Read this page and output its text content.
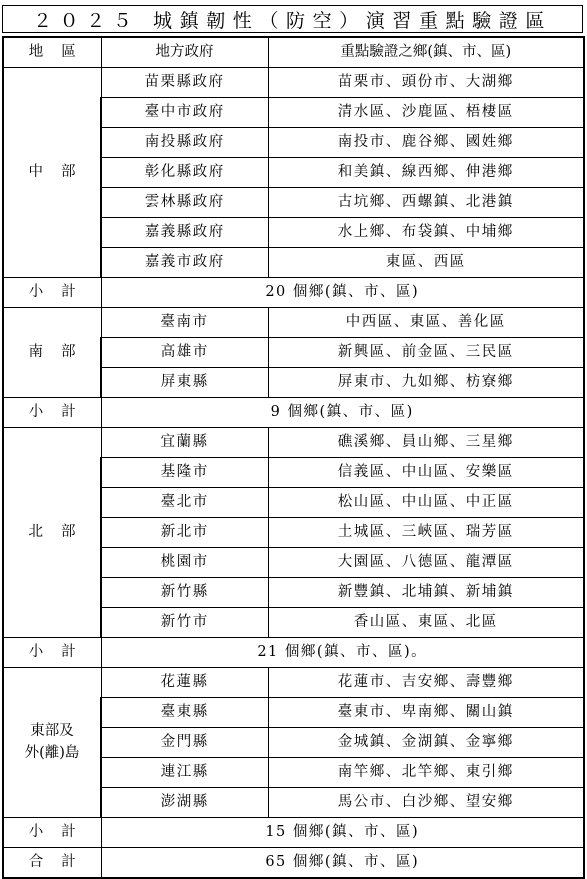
２０２５ 城鎮韌性（防空）演習重點驗證區
地區	地方政府	重點驗證之鄉(鎮、市、區)
中部	苗栗縣政府	苗栗市、頭份市、大湖鄉
	臺中市政府	清水區、沙鹿區、梧棲區
	南投縣政府	南投市、鹿谷鄉、國姓鄉
	彰化縣政府	和美鎮、線西鄉、伸港鄉
	雲林縣政府	古坑鄉、西螺鎮、北港鎮
	嘉義縣政府	水上鄉、布袋鎮、中埔鄉
	嘉義市政府	東區、西區
小計	20 個鄉(鎮、市、區)	
南部	臺南市	中西區、東區、善化區
	高雄市	新興區、前金區、三民區
	屏東縣	屏東市、九如鄉、枋寮鄉
小計	9 個鄉(鎮、市、區)	
北部	宜蘭縣	礁溪鄉、員山鄉、三星鄉
	基隆市	信義區、中山區、安樂區
	臺北市	松山區、中山區、中正區
	新北市	土城區、三峽區、瑞芳區
	桃園市	大園區、八德區、龍潭區
	新竹縣	新豐鎮、北埔鎮、新埔鎮
	新竹市	香山區、東區、北區
小計	21 個鄉(鎮、市、區)。	

東部及
外(離)島	花蓮縣	花蓮市、吉安鄉、壽豐鄉
	臺東縣	臺東市、卑南鄉、關山鎮
	金門縣	金城鎮、金湖鎮、金寧鄉
	連江縣	南竿鄉、北竿鄉、東引鄉
	澎湖縣	馬公市、白沙鄉、望安鄉
小計	15 個鄉(鎮、市、區)	
合計	65 個鄉(鎮、市、區)	
